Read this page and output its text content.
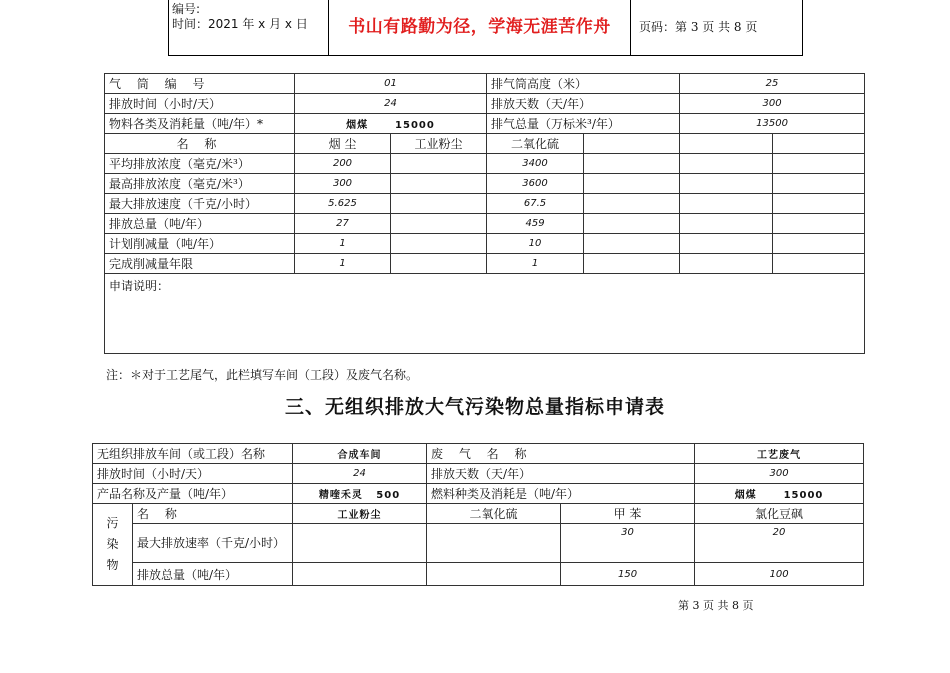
编号:
时间：2021 年 x 月 x 日	书山有路勤为径，学海无涯苦作舟	页码：第 3 页 共 8 页
气 筒 编 号	01		排气筒高度（米）		25	
排放时间（小时/天）	24		排放天数（天/年）		300	
物料各类及消耗量（吨/年）*	烟煤 15000		排气总量（万标米³/年）		13500	
名 称	烟 尘	工业粉尘	二氧化硫			
平均排放浓度（毫克/米³）	200		3400			
最高排放浓度（毫克/米³）	300		3600			
最大排放速度（千克/小时）	5.625		67.5			
排放总量（吨/年）	27		459			
计划削减量（吨/年）	1		10			
完成削减量年限	1		1			
申请说明：						
注：＊对于工艺尾气，此栏填写车间（工段）及废气名称。
三、无组织排放大气污染物总量指标申请表
无组织排放车间（或工段）名称		合成车间	废 气 名 称		工艺废气
排放时间（小时/天）		24	排放天数（天/年）		300
产品名称及产量（吨/年）		精喹禾灵 500	燃料种类及消耗是（吨/年）		烟煤 15000

污染物	名 称	工业粉尘	二氧化硫	甲 苯	氯化豆砜
	最大排放速率（千克/小时）			30	20
	排放总量（吨/年）			150	100
第 3 页 共 8 页
